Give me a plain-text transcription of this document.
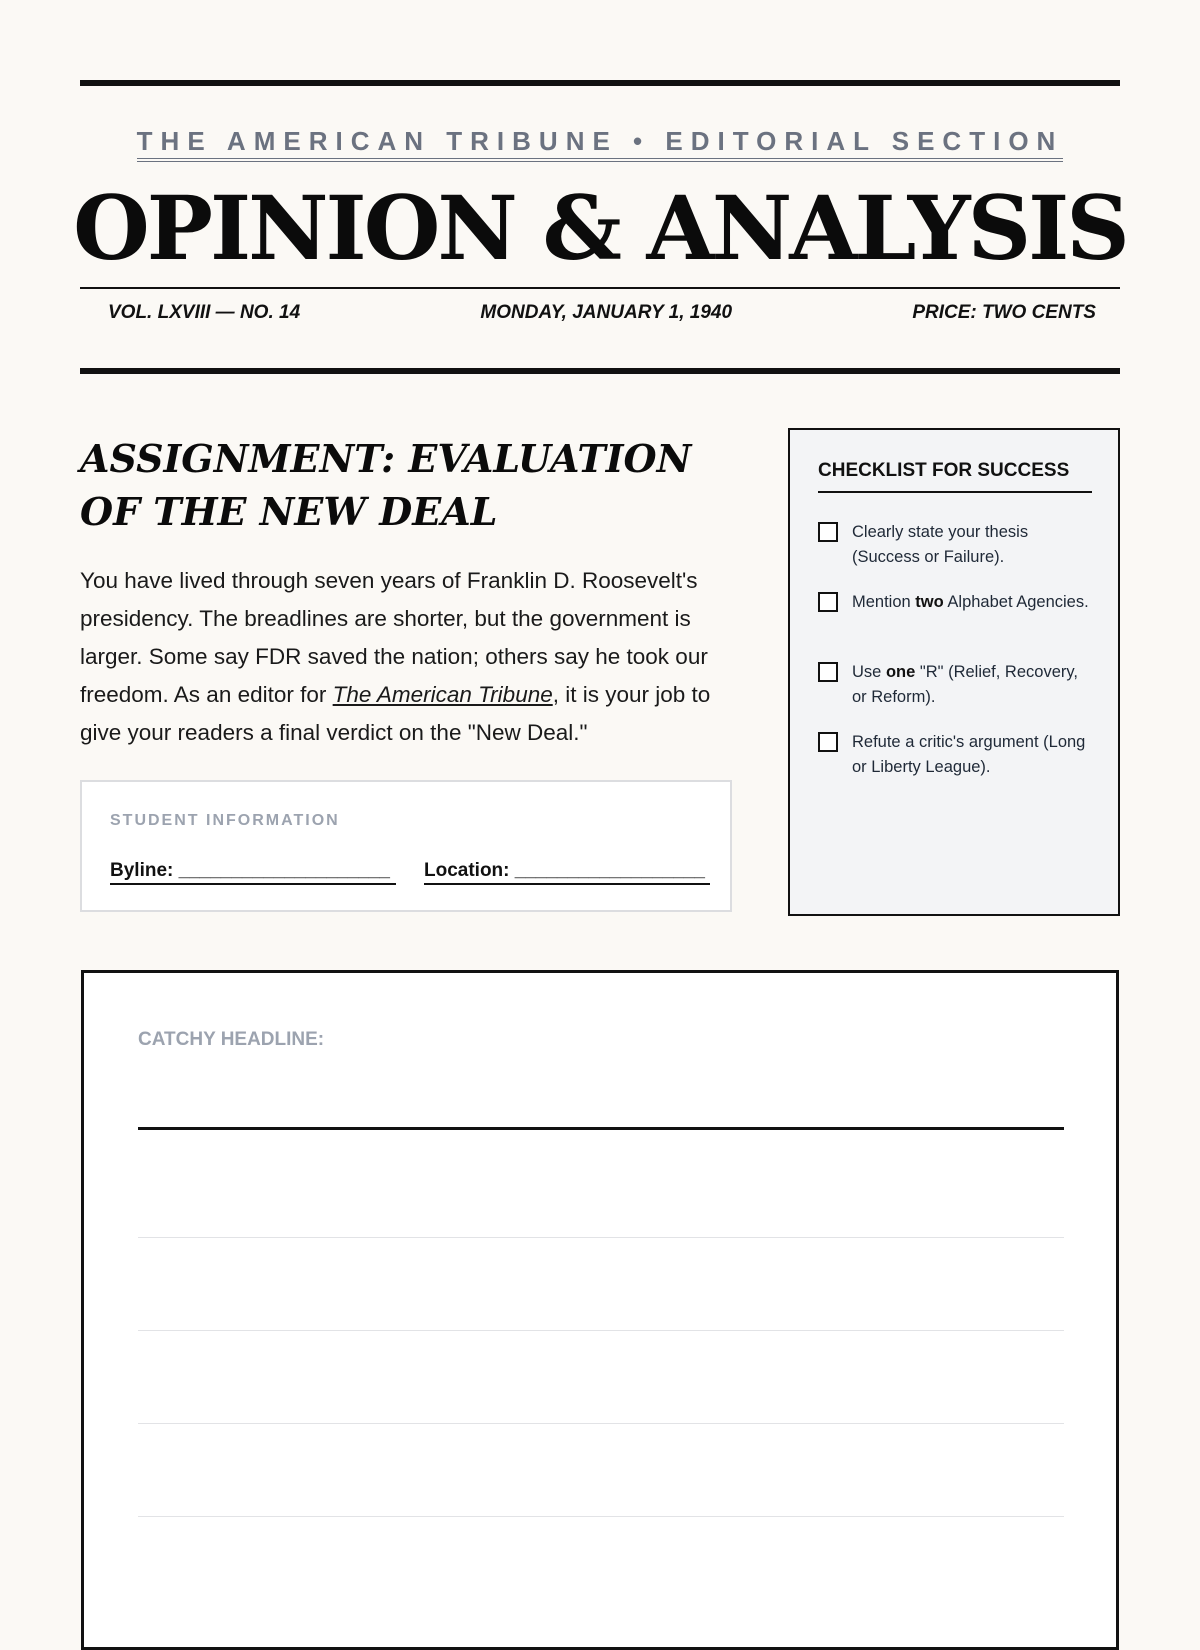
THE AMERICAN TRIBUNE • EDITORIAL SECTION
OPINION & ANALYSIS
VOL. LXVIII — NO. 14	MONDAY, JANUARY 1, 1940	PRICE: TWO CENTS
ASSIGNMENT: EVALUATION OF THE NEW DEAL
You have lived through seven years of Franklin D. Roosevelt's presidency. The breadlines are shorter, but the government is larger. Some say FDR saved the nation; others say he took our freedom. As an editor for The American Tribune, it is your job to give your readers a final verdict on the "New Deal."
STUDENT INFORMATION
Byline: ____________________	Location: __________________
CHECKLIST FOR SUCCESS
Clearly state your thesis (Success or Failure).
Mention two Alphabet Agencies.
Use one "R" (Relief, Recovery, or Reform).
Refute a critic's argument (Long or Liberty League).
CATCHY HEADLINE:
